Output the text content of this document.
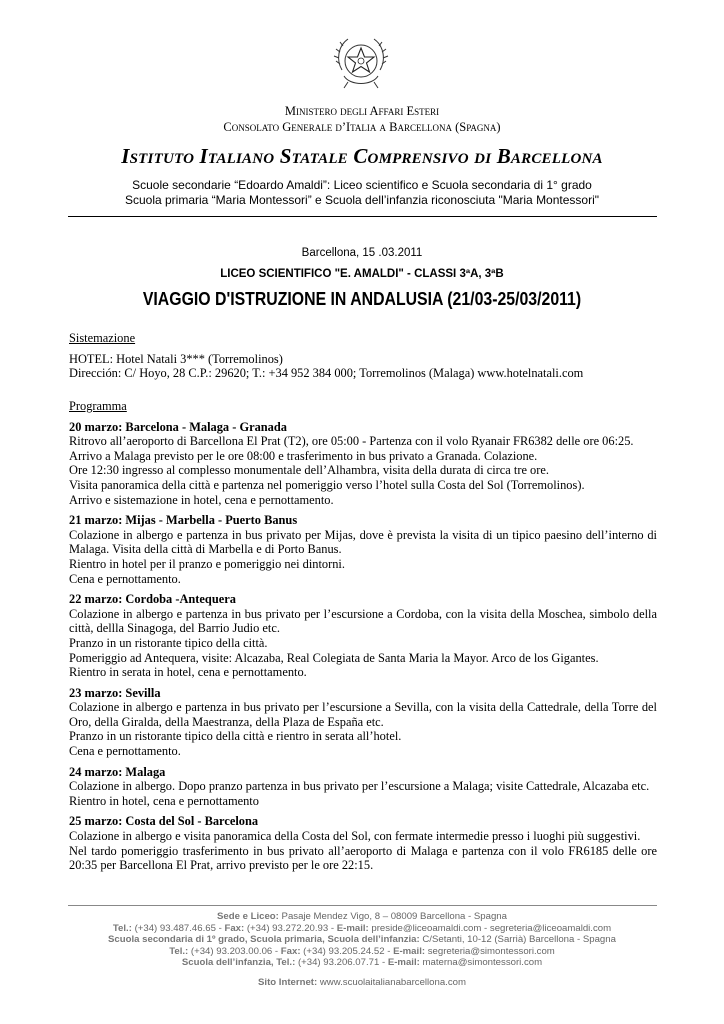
Ministero degli Affari Esteri
Consolato Generale d’Italia a Barcellona (Spagna)
Istituto Italiano Statale Comprensivo di Barcellona
Scuole secondarie “Edoardo Amaldi”: Liceo scientifico e Scuola secondaria di 1° grado
Scuola primaria “Maria Montessori” e Scuola dell’infanzia riconosciuta "Maria Montessori"
Barcellona, 15 .03.2011
LICEO SCIENTIFICO "E. AMALDI" - CLASSI 3ªA, 3ªB
VIAGGIO D'ISTRUZIONE IN ANDALUSIA (21/03-25/03/2011)
Sistemazione
HOTEL: Hotel Natali 3*** (Torremolinos)
Dirección: C/ Hoyo, 28 C.P.: 29620; T.: +34 952 384 000; Torremolinos (Malaga) www.hotelnatali.com
Programma
20 marzo: Barcelona - Malaga - Granada
Ritrovo all’aeroporto di Barcellona El Prat (T2), ore 05:00 - Partenza con il volo Ryanair FR6382 delle ore 06:25.
Arrivo a Malaga previsto per le ore 08:00 e trasferimento in bus privato a Granada. Colazione.
Ore 12:30 ingresso al complesso monumentale dell’Alhambra, visita della durata di circa tre ore.
Visita panoramica della città e partenza nel pomeriggio verso l’hotel sulla Costa del Sol (Torremolinos).
Arrivo e sistemazione in hotel, cena e pernottamento.
21 marzo: Mijas - Marbella - Puerto Banus
Colazione in albergo e partenza in bus privato per Mijas, dove è prevista la visita di un tipico paesino dell’interno di Malaga. Visita della città di Marbella e di Porto Banus.
Rientro in hotel per il pranzo e pomeriggio nei dintorni.
Cena e pernottamento.
22 marzo: Cordoba -Antequera
Colazione in albergo e partenza in bus privato per l’escursione a Cordoba, con la visita della Moschea, simbolo della città, dellla Sinagoga, del Barrio Judio etc.
Pranzo in un ristorante tipico della città.
Pomeriggio ad Antequera, visite: Alcazaba, Real Colegiata de Santa Maria la Mayor. Arco de los Gigantes.
Rientro in serata in hotel, cena e pernottamento.
23 marzo: Sevilla
Colazione in albergo e partenza in bus privato per l’escursione a Sevilla, con la visita della Cattedrale, della Torre del Oro, della Giralda, della Maestranza, della Plaza de España etc.
Pranzo in un ristorante tipico della città e rientro in serata all’hotel.
Cena e pernottamento.
24 marzo: Malaga
Colazione in albergo. Dopo pranzo partenza in bus privato per l’escursione a Malaga; visite Cattedrale, Alcazaba etc.
Rientro in hotel, cena e pernottamento
25 marzo: Costa del Sol - Barcelona
Colazione in albergo e visita panoramica della Costa del Sol, con fermate intermedie presso i luoghi più suggestivi.
Nel tardo pomeriggio trasferimento in bus privato all’aeroporto di Malaga e partenza con il volo FR6185 delle ore 20:35 per Barcellona El Prat, arrivo previsto per le ore 22:15.
Sede e Liceo: Pasaje Mendez Vigo, 8 – 08009 Barcellona - Spagna
Tel.: (+34) 93.487.46.65 - Fax: (+34) 93.272.20.93 - E-mail: preside@liceoamaldi.com - segreteria@liceoamaldi.com
Scuola secondaria di 1º grado, Scuola primaria, Scuola dell’infanzia: C/Setanti, 10-12 (Sarrià) Barcellona - Spagna
Tel.: (+34) 93.203.00.06 - Fax: (+34) 93.205.24.52 - E-mail: segreteria@simontessori.com
Scuola dell’infanzia, Tel.: (+34) 93.206.07.71 - E-mail: materna@simontessori.com
Sito Internet: www.scuolaitalianabarcellona.com
